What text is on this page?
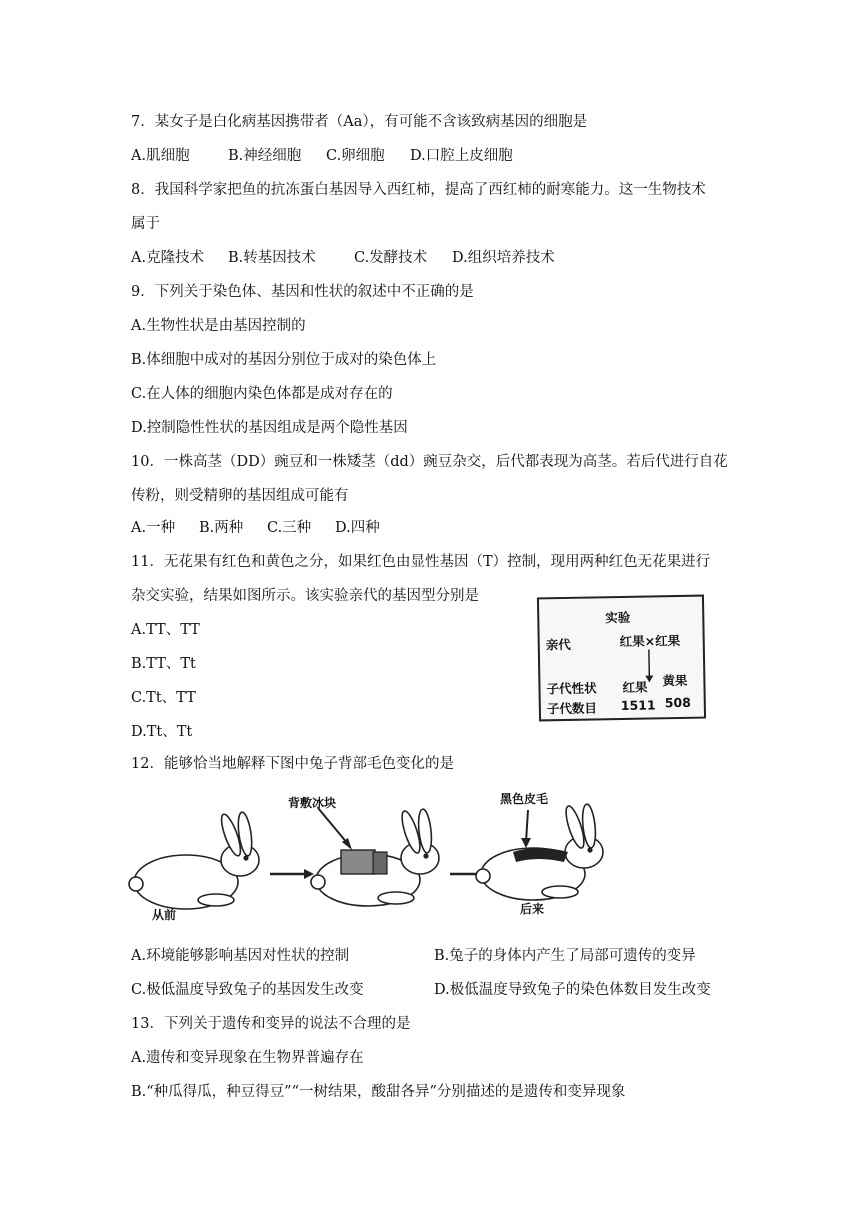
7．某女子是白化病基因携带者（Aa），有可能不含该致病基因的细胞是
A.肌细胞	B.神经细胞 C.卵细胞 D.口腔上皮细胞
8．我国科学家把鱼的抗冻蛋白基因导入西红柿，提高了西红柿的耐寒能力。这一生物技术
属于
A.克隆技术 B.转基因技术	C.发酵技术 D.组织培养技术
9．下列关于染色体、基因和性状的叙述中不正确的是
A.生物性状是由基因控制的
B.体细胞中成对的基因分别位于成对的染色体上
C.在人体的细胞内染色体都是成对存在的
D.控制隐性性状的基因组成是两个隐性基因
10．一株高茎（DD）豌豆和一株矮茎（dd）豌豆杂交，后代都表现为高茎。若后代进行自花
传粉，则受精卵的基因组成可能有
A.一种 B.两种 C.三种 D.四种
11．无花果有红色和黄色之分，如果红色由显性基因（T）控制，现用两种红色无花果进行
杂交实验，结果如图所示。该实验亲代的基因型分别是
A.TT、TT
B.TT、Tt
C.Tt、TT
D.Tt、Tt
实验
亲代	红果×红果
子代性状 红果 黄果
子代数目 1511 508
12．能够恰当地解释下图中兔子背部毛色变化的是
背敷冰块	黑色皮毛
从前	后来
A.环境能够影响基因对性状的控制	B.兔子的身体内产生了局部可遗传的变异
C.极低温度导致兔子的基因发生改变	D.极低温度导致兔子的染色体数目发生改变
13．下列关于遗传和变异的说法不合理的是
A.遗传和变异现象在生物界普遍存在
B.“种瓜得瓜，种豆得豆”“一树结果，酸甜各异”分别描述的是遗传和变异现象
